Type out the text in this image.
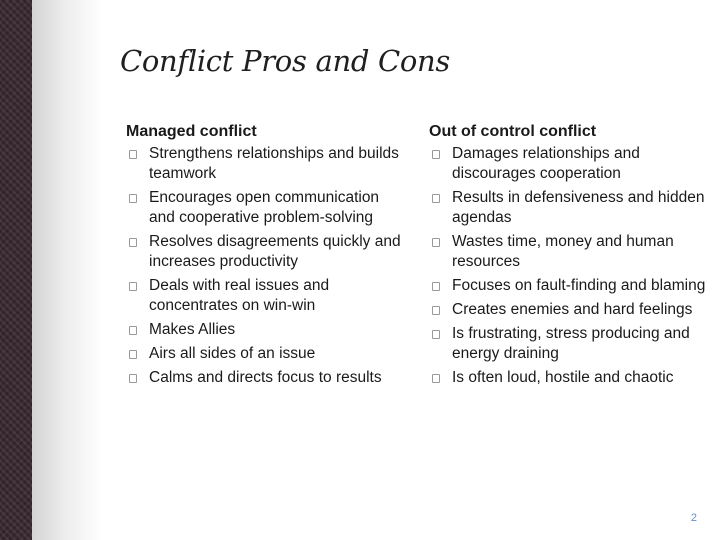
Conflict Pros and Cons
Managed conflict
Strengthens relationships and builds teamwork
Encourages open communication and cooperative problem-solving
Resolves disagreements quickly and increases productivity
Deals with real issues and concentrates on win-win
Makes Allies
Airs all sides of an issue
Calms and directs focus to results
Out of control conflict
Damages relationships and discourages cooperation
Results in defensiveness and hidden agendas
Wastes time, money and human resources
Focuses on fault-finding and blaming
Creates enemies and hard feelings
Is frustrating, stress producing and energy draining
Is often loud, hostile and chaotic
2
